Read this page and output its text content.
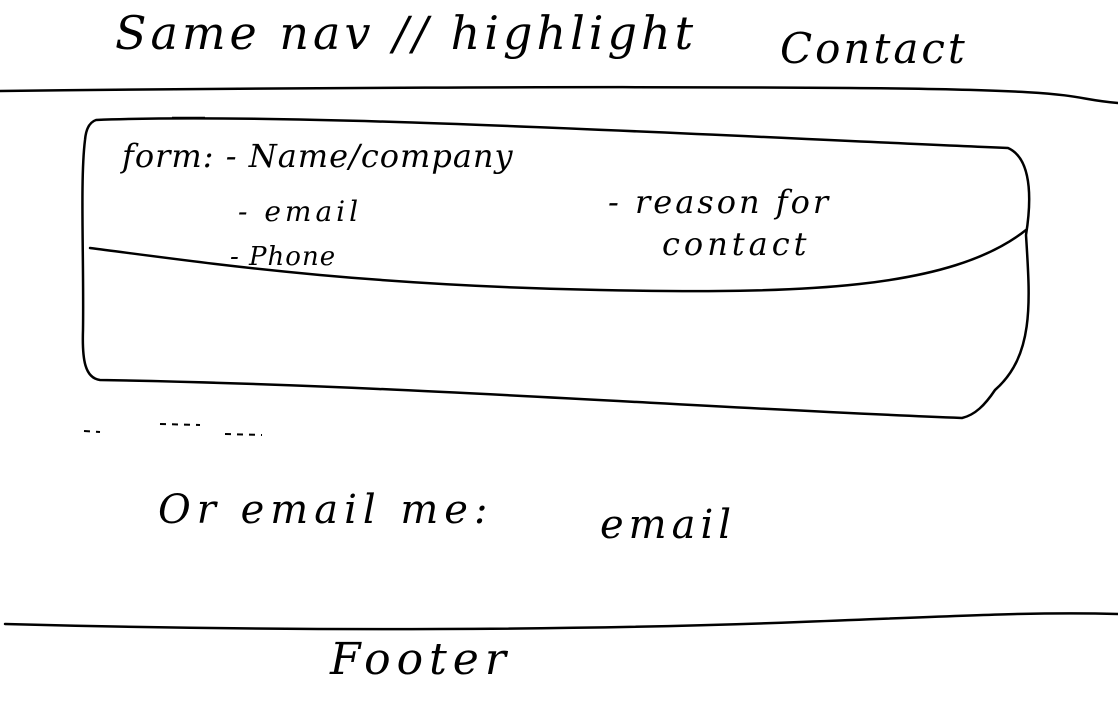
Same nav // highlight Contact
form: - Name/company
- email
- Phone
- reason for
contact
Or email me:	email
Footer
